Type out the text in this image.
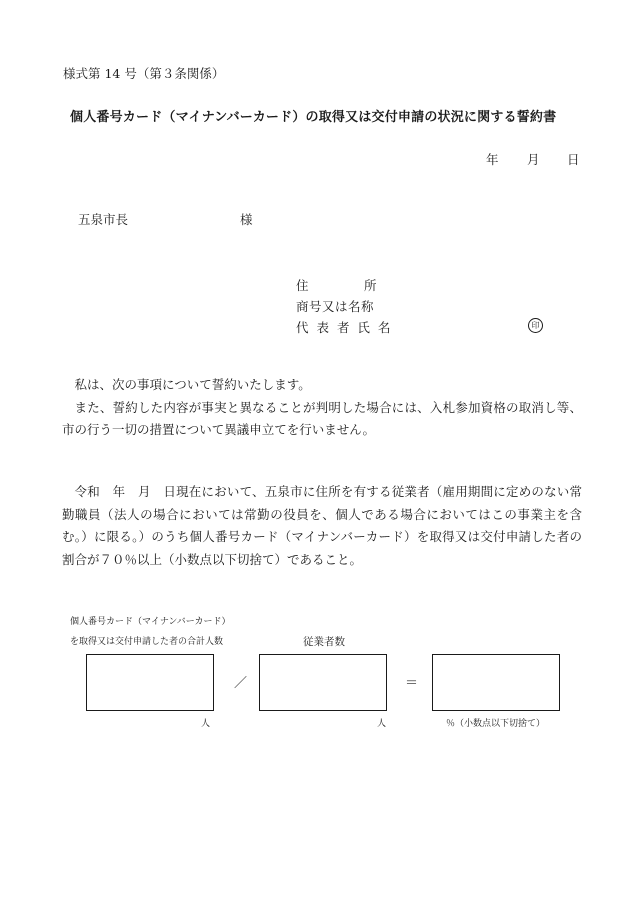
様式第 14 号（第３条関係）
個人番号カード（マイナンバーカード）の取得又は交付申請の状況に関する誓約書
年 月 日
五泉市長	様
住	所
商号又は名称
代 表 者 氏 名	印

私は、次の事項について誓約いたします。

また、誓約した内容が事実と異なることが判明した場合には、入札参加資格の取消し等、市の行う一切の措置について異議申立てを行いません。

令和　年　月　日現在において、五泉市に住所を有する従業者（雇用期間に定めのない常勤職員（法人の場合においては常勤の役員を、個人である場合においてはこの事業主を含む。）に限る。）のうち個人番号カード（マイナンバーカード）を取得又は交付申請した者の割合が７０％以上（小数点以下切捨て）であること。

個人番号カード（マイナンバーカード）
を取得又は交付申請した者の合計人数	従業者数
／	＝
人	人	％（小数点以下切捨て）
